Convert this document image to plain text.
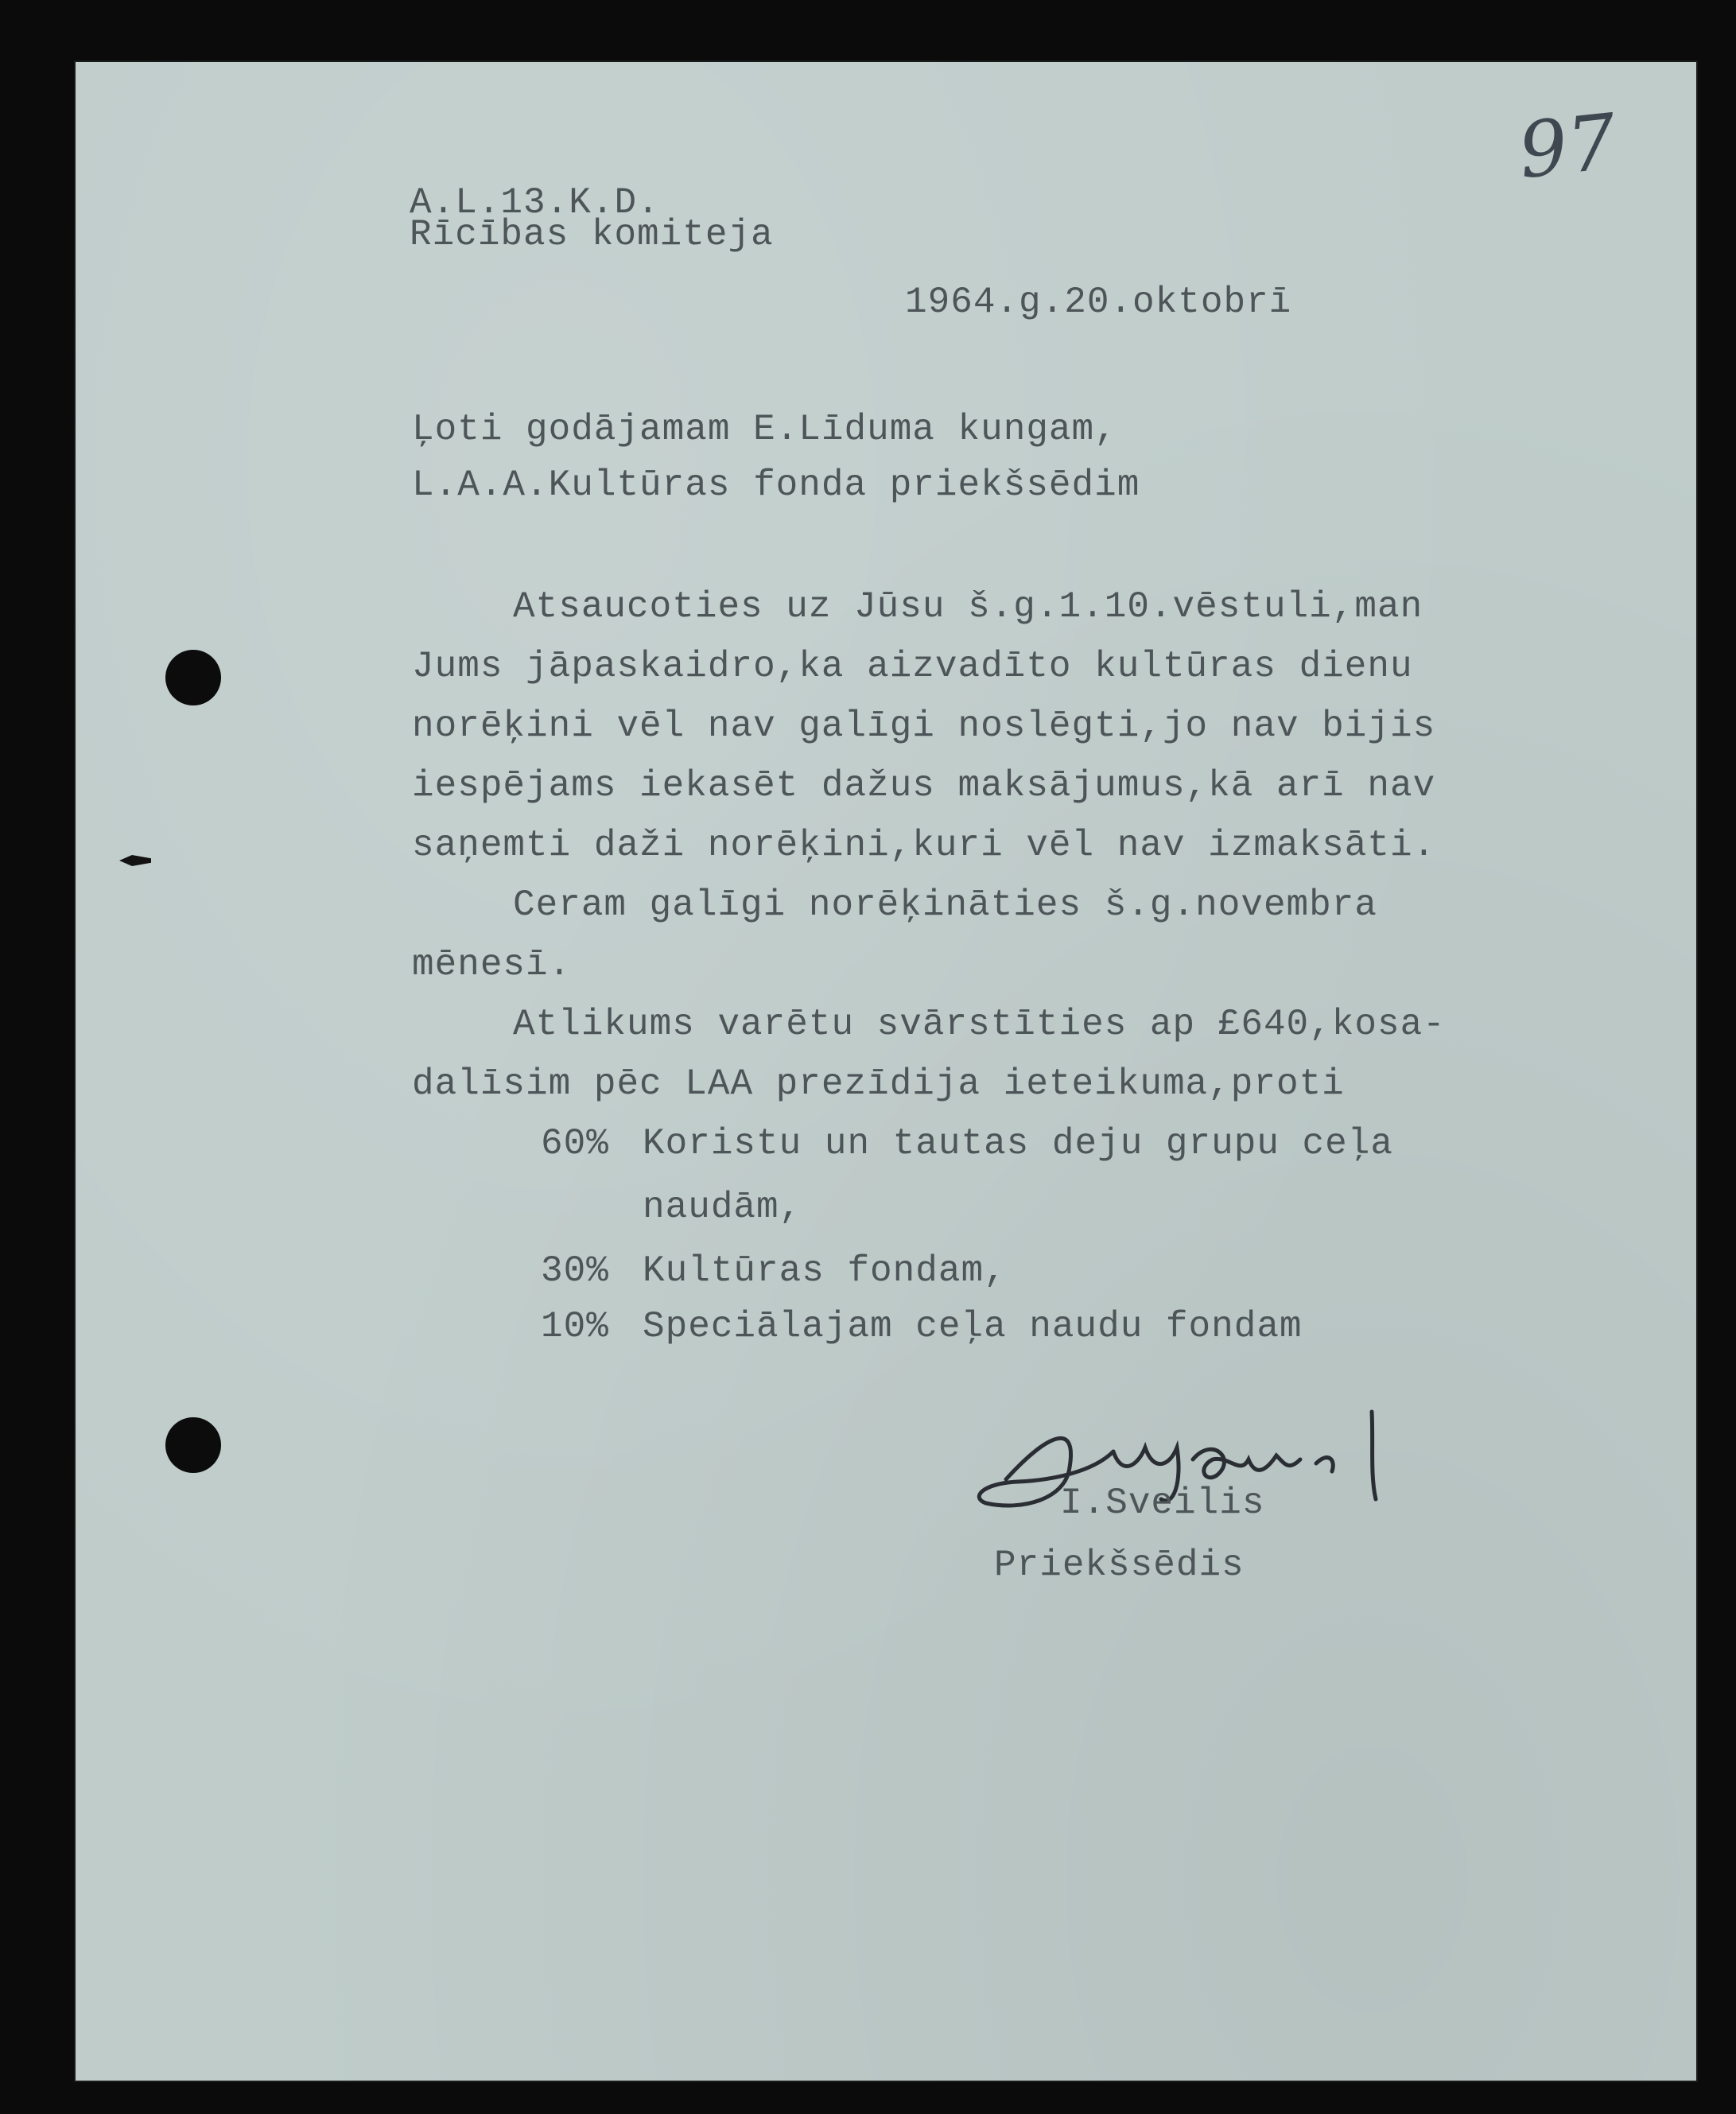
97
A.L.13.K.D.
Rīcības komiteja
1964.g.20.oktobrī
Ļoti godājamam E.Līduma kungam,
L.A.A.Kultūras fonda priekšsēdim
Atsaucoties uz Jūsu š.g.1.10.vēstuli,man
Jums jāpaskaidro,ka aizvadīto kultūras dienu
norēķini vēl nav galīgi noslēgti,jo nav bijis
iespējams iekasēt dažus maksājumus,kā arī nav
saņemti daži norēķini,kuri vēl nav izmaksāti.
Ceram galīgi norēķināties š.g.novembra
mēnesī.
Atlikums varētu svārstīties ap £640,kosa-
dalīsim pēc LAA prezīdija ieteikuma,proti
60% Koristu un tautas deju grupu ceļa
naudām,
30% Kultūras fondam,
10% Speciālajam ceļa naudu fondam
I.Sveilis
Priekšsēdis
